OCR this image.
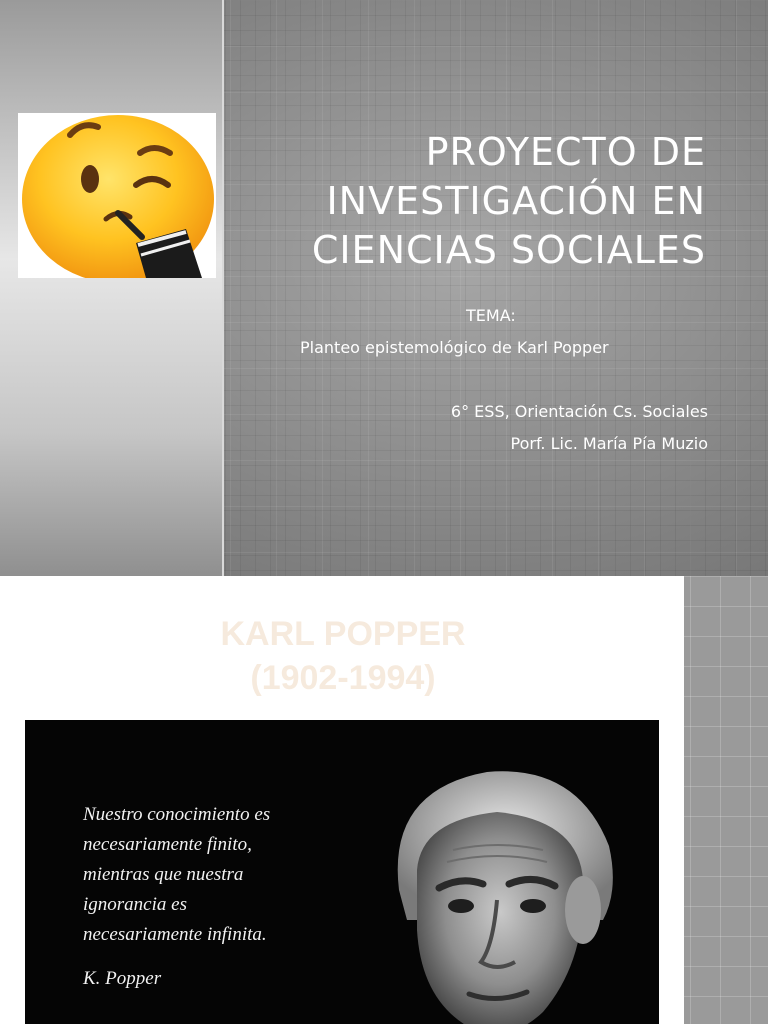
PROYECTO DE INVESTIGACIÓN EN CIENCIAS SOCIALES
TEMA:
Planteo epistemológico de Karl Popper
6° ESS, Orientación Cs. Sociales
Porf. Lic. María Pía Muzio
KARL POPPER
(1902-1994)
Nuestro conocimiento es
necesariamente finito,
mientras que nuestra
ignorancia es
necesariamente infinita.
K. Popper
